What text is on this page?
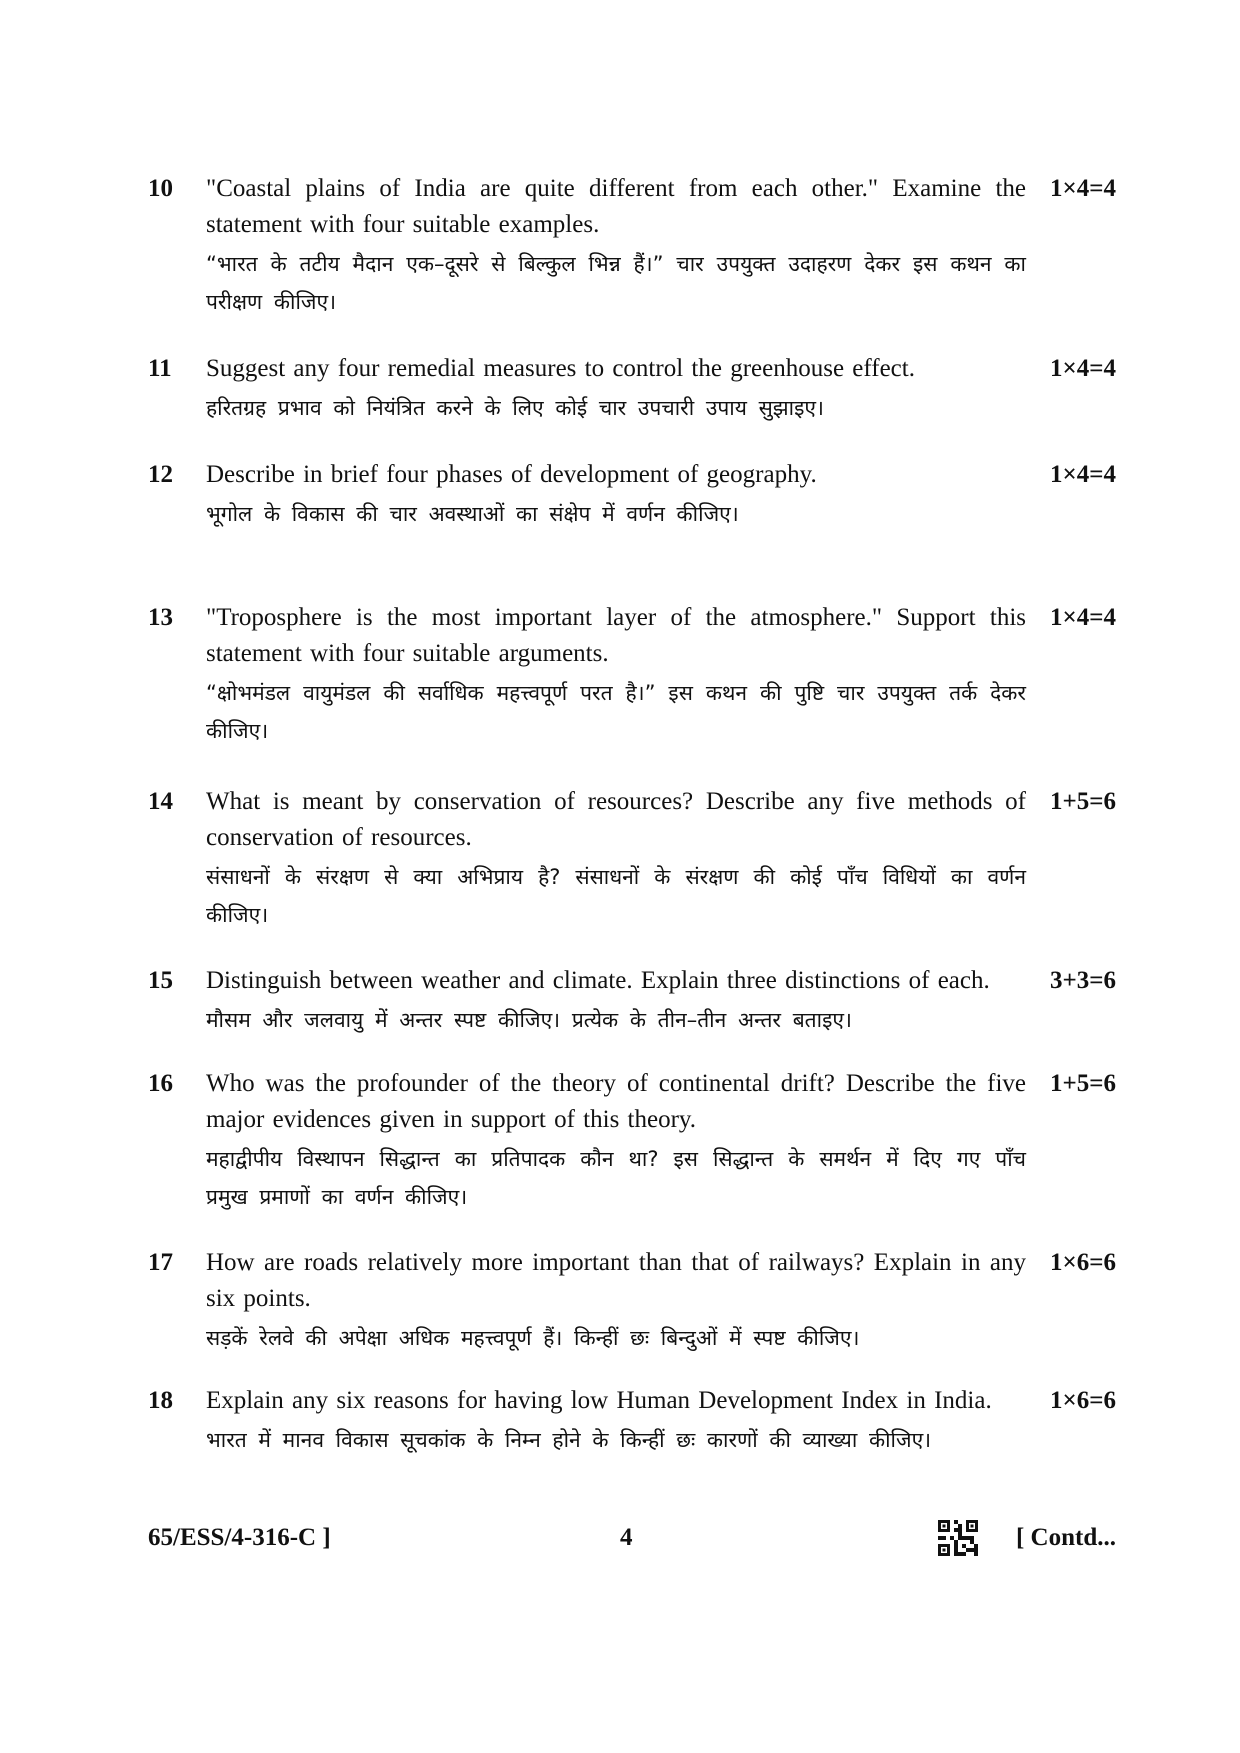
10 "Coastal plains of India are quite different from each other." Examine the statement with four suitable examples.
“भारत के तटीय मैदान एक–दूसरे से बिल्कुल भिन्न हैं।” चार उपयुक्त उदाहरण देकर इस कथन का परीक्षण कीजिए।
1×4=4
11 Suggest any four remedial measures to control the greenhouse effect.
हरितग्रह प्रभाव को नियंत्रित करने के लिए कोई चार उपचारी उपाय सुझाइए।
1×4=4
12 Describe in brief four phases of development of geography.
भूगोल के विकास की चार अवस्थाओं का संक्षेप में वर्णन कीजिए।
1×4=4
13 "Troposphere is the most important layer of the atmosphere." Support this statement with four suitable arguments.
“क्षोभमंडल वायुमंडल की सर्वाधिक महत्त्वपूर्ण परत है।” इस कथन की पुष्टि चार उपयुक्त तर्क देकर कीजिए।
1×4=4
14 What is meant by conservation of resources? Describe any five methods of conservation of resources.
संसाधनों के संरक्षण से क्या अभिप्राय है? संसाधनों के संरक्षण की कोई पाँच विधियों का वर्णन कीजिए।
1+5=6
15 Distinguish between weather and climate. Explain three distinctions of each.
मौसम और जलवायु में अन्तर स्पष्ट कीजिए। प्रत्येक के तीन–तीन अन्तर बताइए।
3+3=6
16 Who was the profounder of the theory of continental drift? Describe the five major evidences given in support of this theory.
महाद्वीपीय विस्थापन सिद्धान्त का प्रतिपादक कौन था? इस सिद्धान्त के समर्थन में दिए गए पाँच प्रमुख प्रमाणों का वर्णन कीजिए।
1+5=6
17 How are roads relatively more important than that of railways? Explain in any six points.
सड़कें रेलवे की अपेक्षा अधिक महत्त्वपूर्ण हैं। किन्हीं छः बिन्दुओं में स्पष्ट कीजिए।
1×6=6
18 Explain any six reasons for having low Human Development Index in India.
भारत में मानव विकास सूचकांक के निम्न होने के किन्हीं छः कारणों की व्याख्या कीजिए।
1×6=6
65/ESS/4-316-C ]	4	[ Contd...
